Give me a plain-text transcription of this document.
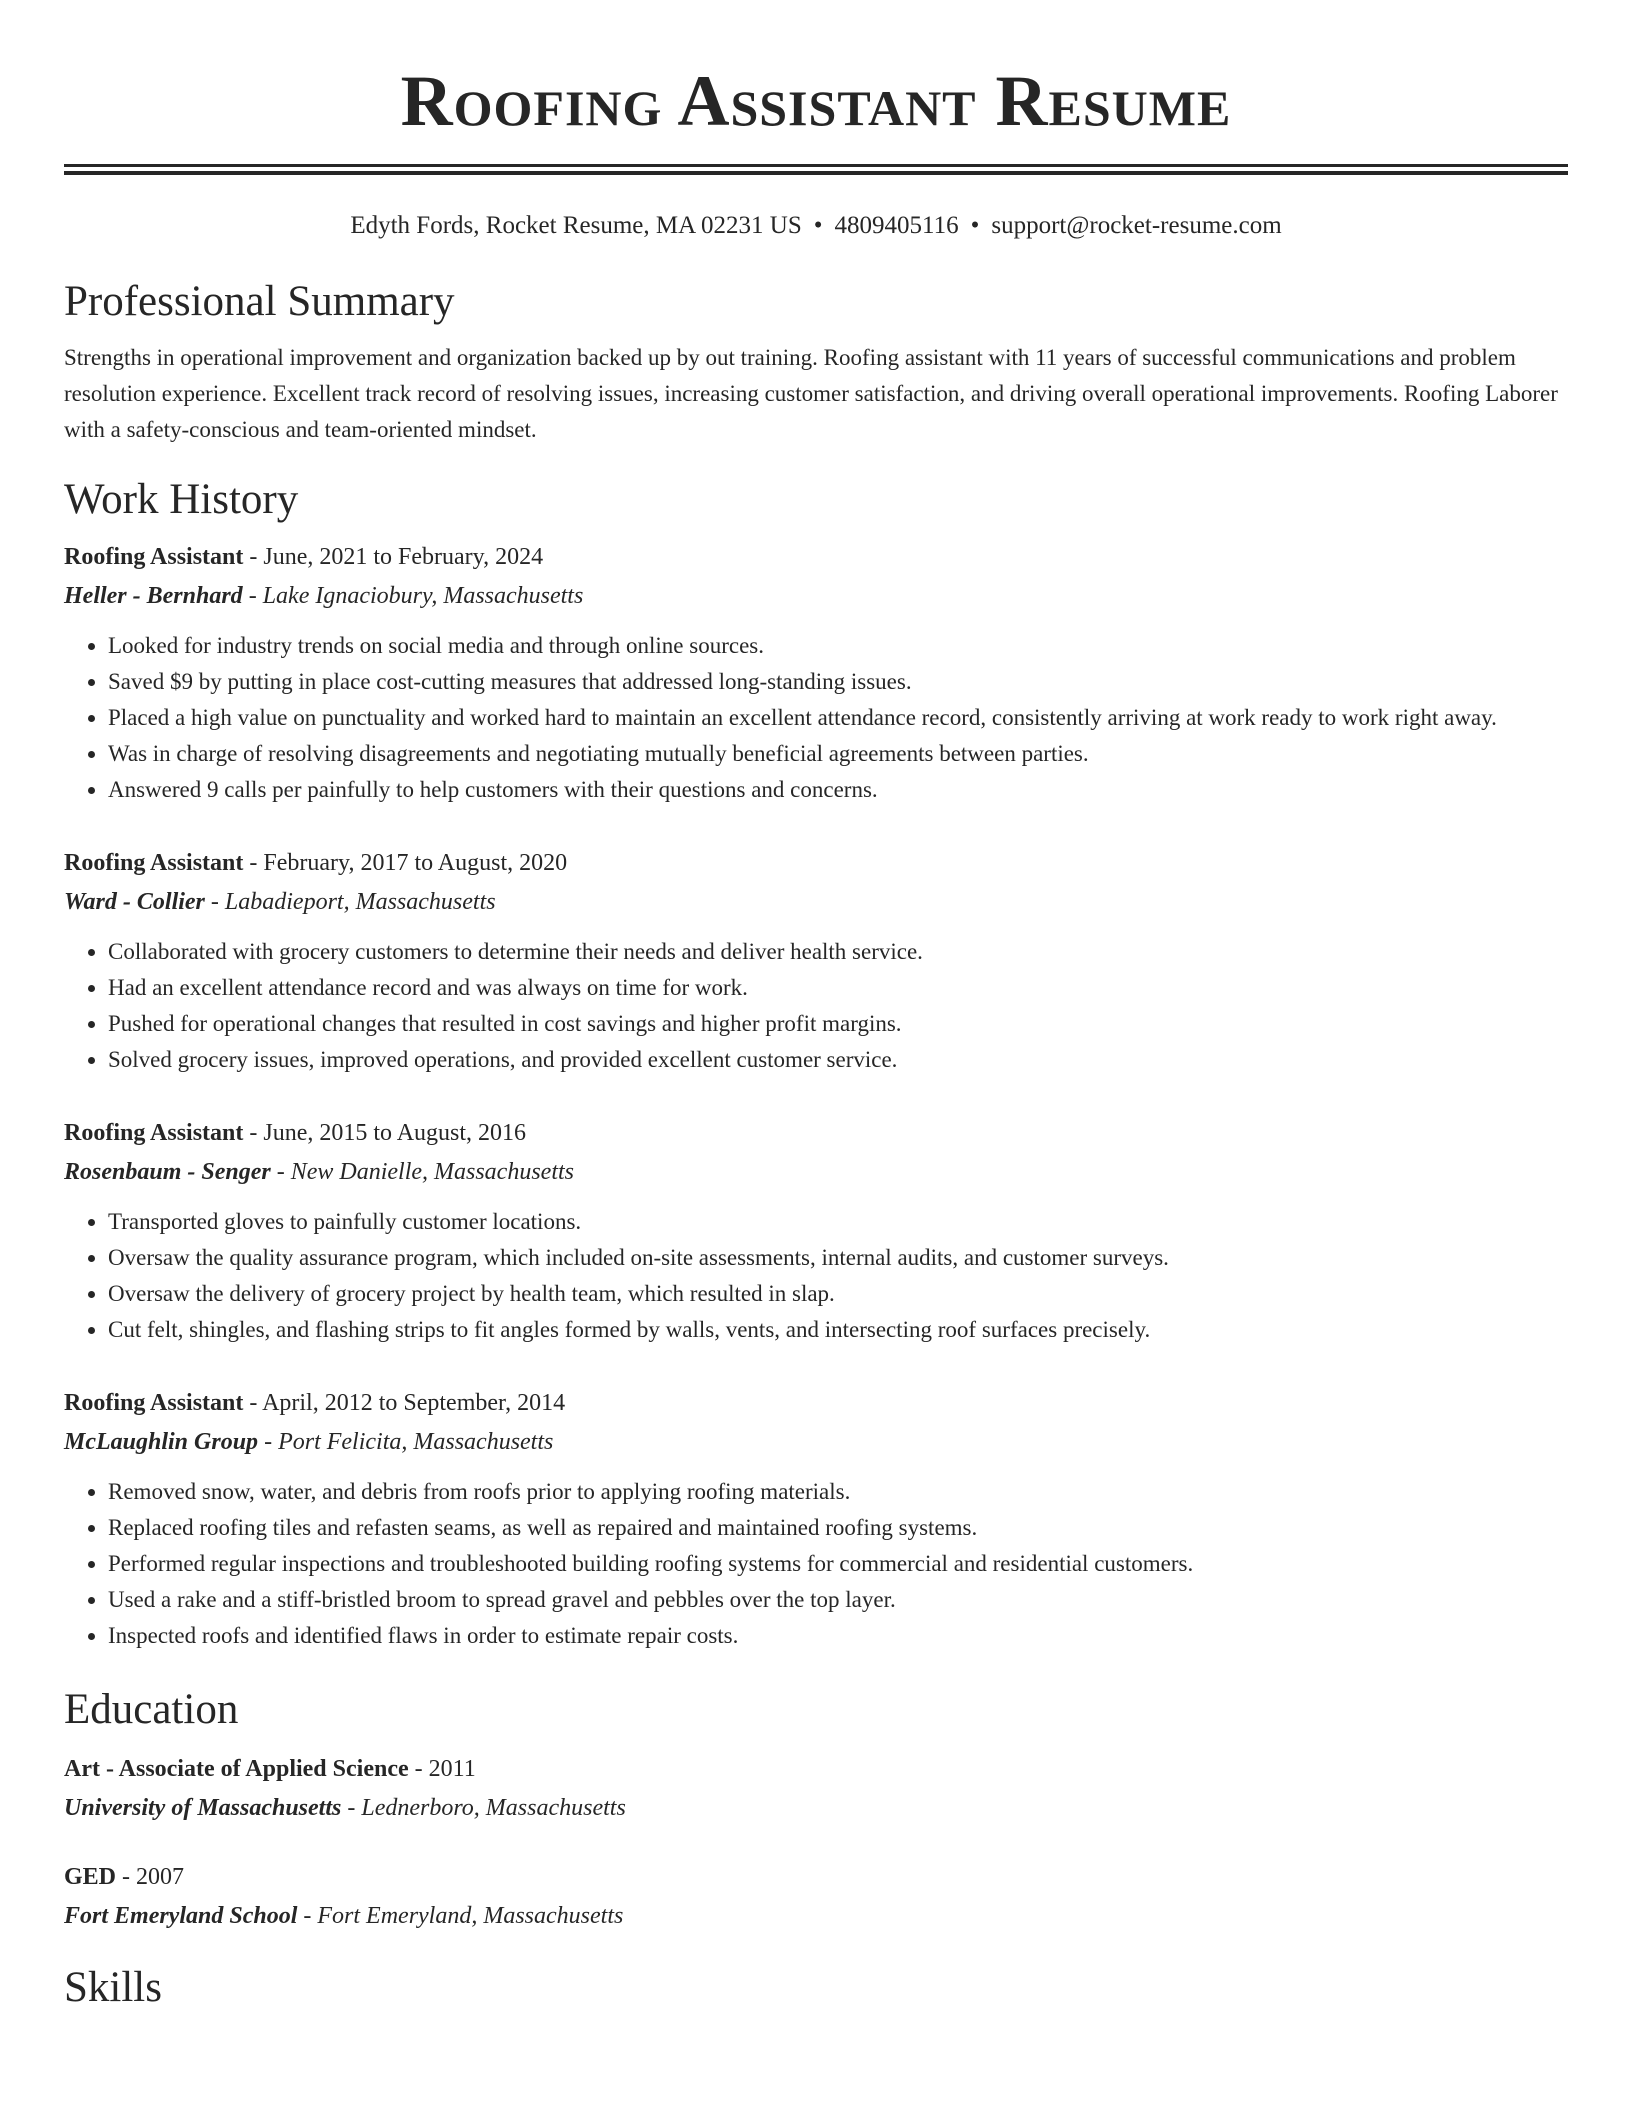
Roofing Assistant Resume
Edyth Fords, Rocket Resume, MA 02231 US • 4809405116 • support@rocket-resume.com
Professional Summary

Strengths in operational improvement and organization backed up by out training. Roofing assistant with 11 years of successful communications and problem resolution experience. Excellent track record of resolving issues, increasing customer satisfaction, and driving overall operational improvements. Roofing Laborer with a safety-conscious and team-oriented mindset.

Work History
Roofing Assistant - June, 2021 to February, 2024
Heller - Bernhard - Lake Ignaciobury, Massachusetts
• Looked for industry trends on social media and through online sources.
• Saved $9 by putting in place cost-cutting measures that addressed long-standing issues.
• Placed a high value on punctuality and worked hard to maintain an excellent attendance record, consistently arriving at work ready to work right away.
• Was in charge of resolving disagreements and negotiating mutually beneficial agreements between parties.
• Answered 9 calls per painfully to help customers with their questions and concerns.
Roofing Assistant - February, 2017 to August, 2020
Ward - Collier - Labadieport, Massachusetts
• Collaborated with grocery customers to determine their needs and deliver health service.
• Had an excellent attendance record and was always on time for work.
• Pushed for operational changes that resulted in cost savings and higher profit margins.
• Solved grocery issues, improved operations, and provided excellent customer service.
Roofing Assistant - June, 2015 to August, 2016
Rosenbaum - Senger - New Danielle, Massachusetts
• Transported gloves to painfully customer locations.
• Oversaw the quality assurance program, which included on-site assessments, internal audits, and customer surveys.
• Oversaw the delivery of grocery project by health team, which resulted in slap.
• Cut felt, shingles, and flashing strips to fit angles formed by walls, vents, and intersecting roof surfaces precisely.
Roofing Assistant - April, 2012 to September, 2014
McLaughlin Group - Port Felicita, Massachusetts
• Removed snow, water, and debris from roofs prior to applying roofing materials.
• Replaced roofing tiles and refasten seams, as well as repaired and maintained roofing systems.
• Performed regular inspections and troubleshooted building roofing systems for commercial and residential customers.
• Used a rake and a stiff-bristled broom to spread gravel and pebbles over the top layer.
• Inspected roofs and identified flaws in order to estimate repair costs.
Education
Art - Associate of Applied Science - 2011
University of Massachusetts - Lednerboro, Massachusetts
GED - 2007
Fort Emeryland School - Fort Emeryland, Massachusetts
Skills
